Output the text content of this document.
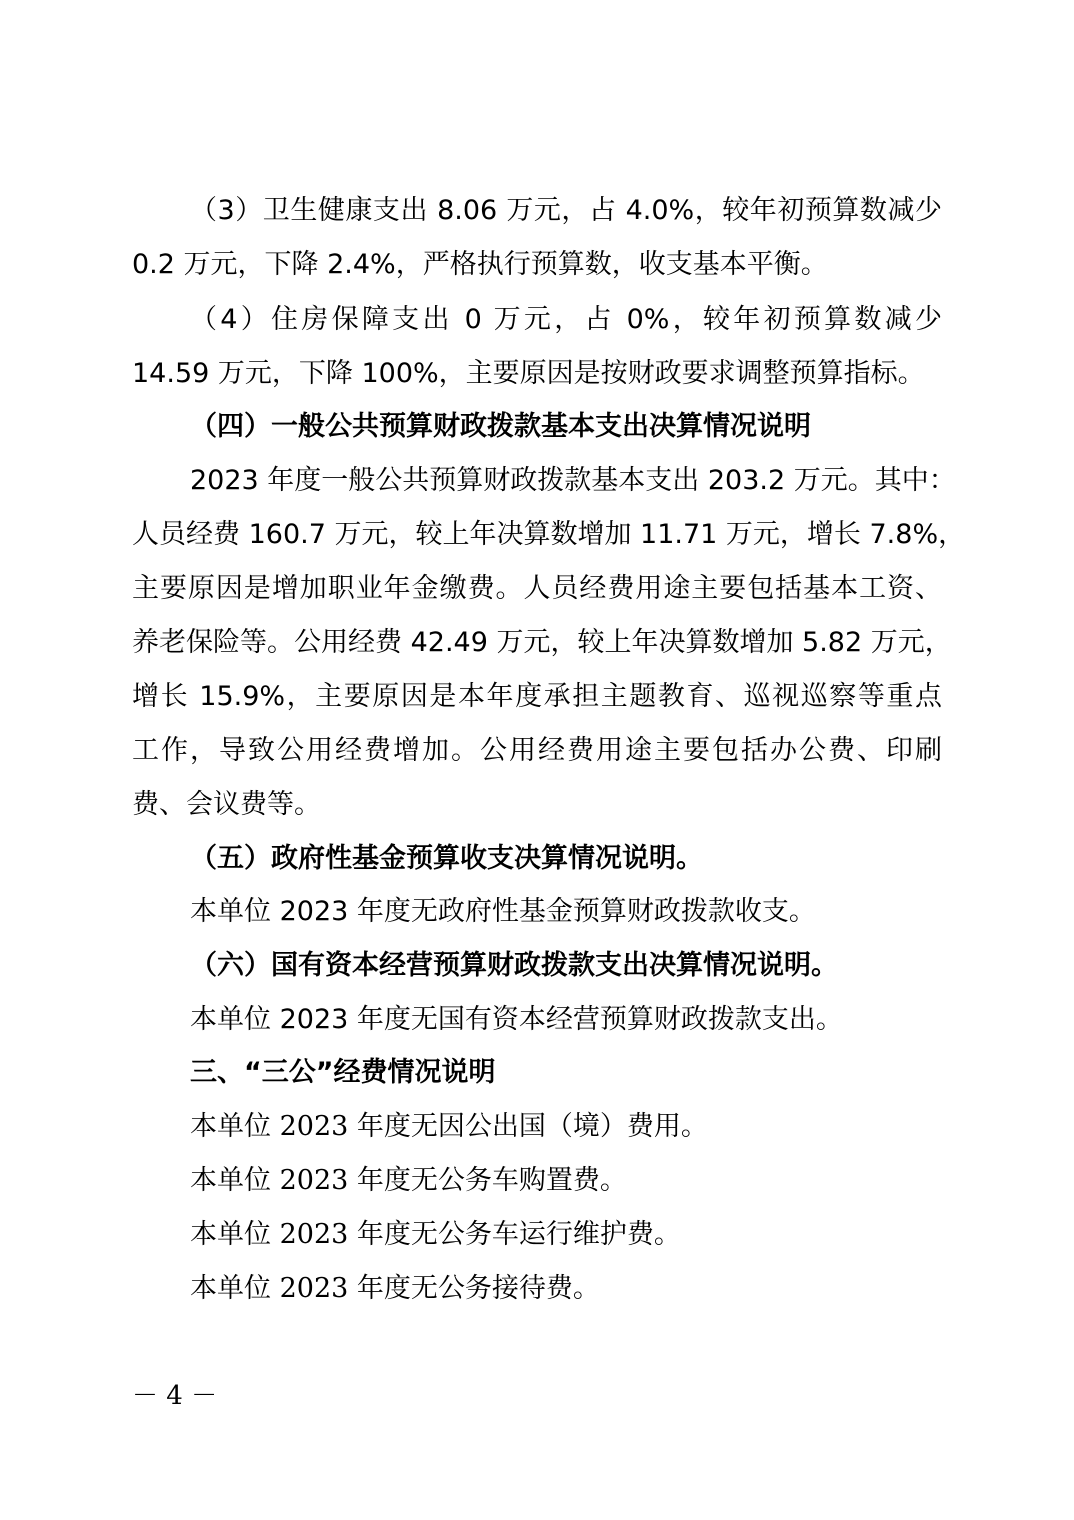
（3）卫生健康支出 8.06 万元，占 4.0%，较年初预算数减少
0.2 万元，下降 2.4%，严格执行预算数，收支基本平衡。
（4）住房保障支出 0 万元，占 0%，较年初预算数减少
14.59 万元，下降 100%，主要原因是按财政要求调整预算指标。
（四）一般公共预算财政拨款基本支出决算情况说明
2023 年度一般公共预算财政拨款基本支出 203.2 万元。其中：
人员经费 160.7 万元，较上年决算数增加 11.71 万元，增长 7.8%，
主要原因是增加职业年金缴费。人员经费用途主要包括基本工资、
养老保险等。公用经费 42.49 万元，较上年决算数增加 5.82 万元，
增长 15.9%，主要原因是本年度承担主题教育、巡视巡察等重点
工作，导致公用经费增加。公用经费用途主要包括办公费、印刷
费、会议费等。
（五）政府性基金预算收支决算情况说明。
本单位 2023 年度无政府性基金预算财政拨款收支。
（六）国有资本经营预算财政拨款支出决算情况说明。
本单位 2023 年度无国有资本经营预算财政拨款支出。
三、“三公”经费情况说明
本单位 2023 年度无因公出国（境）费用。
本单位 2023 年度无公务车购置费。
本单位 2023 年度无公务车运行维护费。
本单位 2023 年度无公务接待费。
－ 4 －
